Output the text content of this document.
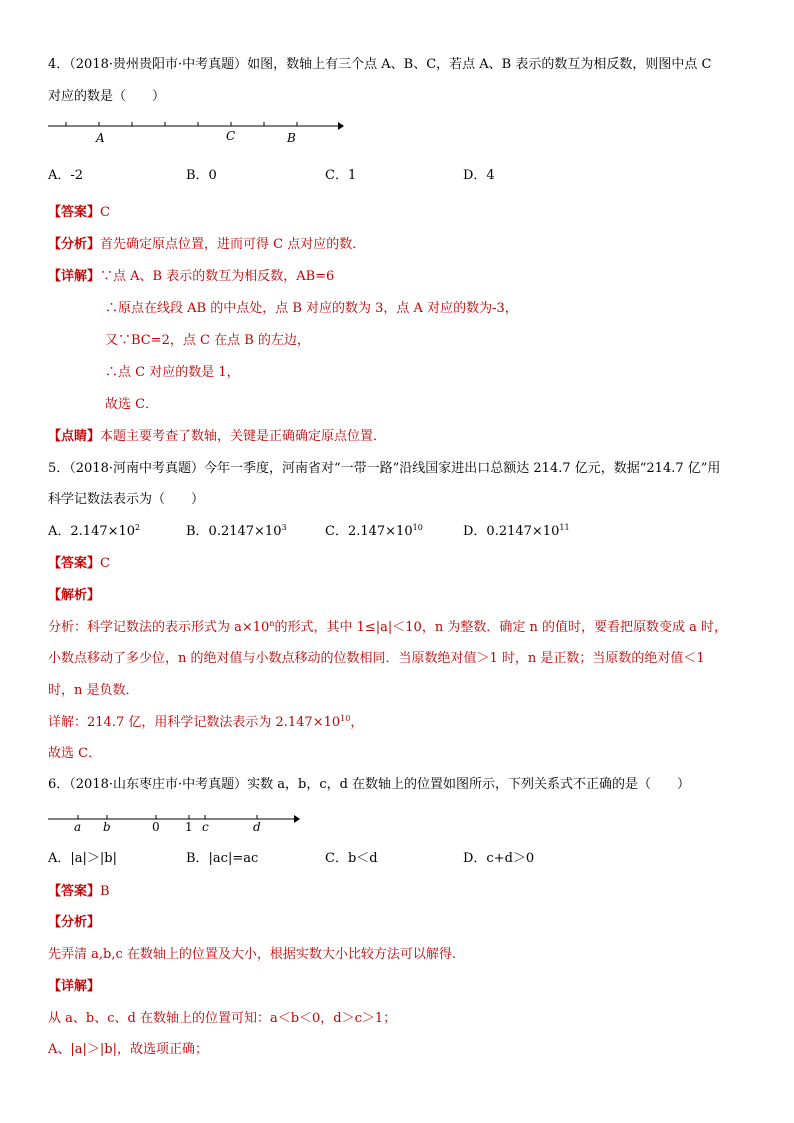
4．（2018·贵州贵阳市·中考真题）如图，数轴上有三个点 A、B、C，若点 A、B 表示的数互为相反数，则图中点 C
对应的数是（　　）
A	C	B
A．-2	B．0	C．1	D．4
【答案】C
【分析】首先确定原点位置，进而可得 C 点对应的数．
【详解】∵点 A、B 表示的数互为相反数，AB=6
∴原点在线段 AB 的中点处，点 B 对应的数为 3，点 A 对应的数为-3，
又∵BC=2，点 C 在点 B 的左边，
∴点 C 对应的数是 1，
故选 C．
【点睛】本题主要考查了数轴，关键是正确确定原点位置．
5．（2018·河南中考真题）今年一季度，河南省对“一带一路”沿线国家进出口总额达 214.7 亿元，数据“214.7 亿”用
科学记数法表示为（　　）
A．$2.147\times 10^2$	B．$0.2147\times 10^3$	C．$2.147\times 10^{10}$	D．$0.2147\times 10^{11}$
【答案】C
【解析】
分析：科学记数法的表示形式为 $a\times 10^n$的形式，其中 1≤|a|＜10，n 为整数．确定 n 的值时，要看把原数变成 a 时，
小数点移动了多少位，n 的绝对值与小数点移动的位数相同．当原数绝对值＞1 时，n 是正数；当原数的绝对值＜1
时，n 是负数．
详解：214.7 亿，用科学记数法表示为 $2.147\times 10^{10}$，
故选 C．
6．（2018·山东枣庄市·中考真题）实数 a，b，c，d 在数轴上的位置如图所示，下列关系式不正确的是（　　）
a b	0 1 c	d
A．|a|＞|b|	B．|ac|=ac	C．b＜d	D．c+d＞0
【答案】B
【分析】
先弄清 a,b,c 在数轴上的位置及大小，根据实数大小比较方法可以解得.
【详解】
从 a、b、c、d 在数轴上的位置可知：a＜b＜0，d＞c＞1；
A、|a|＞|b|，故选项正确；
